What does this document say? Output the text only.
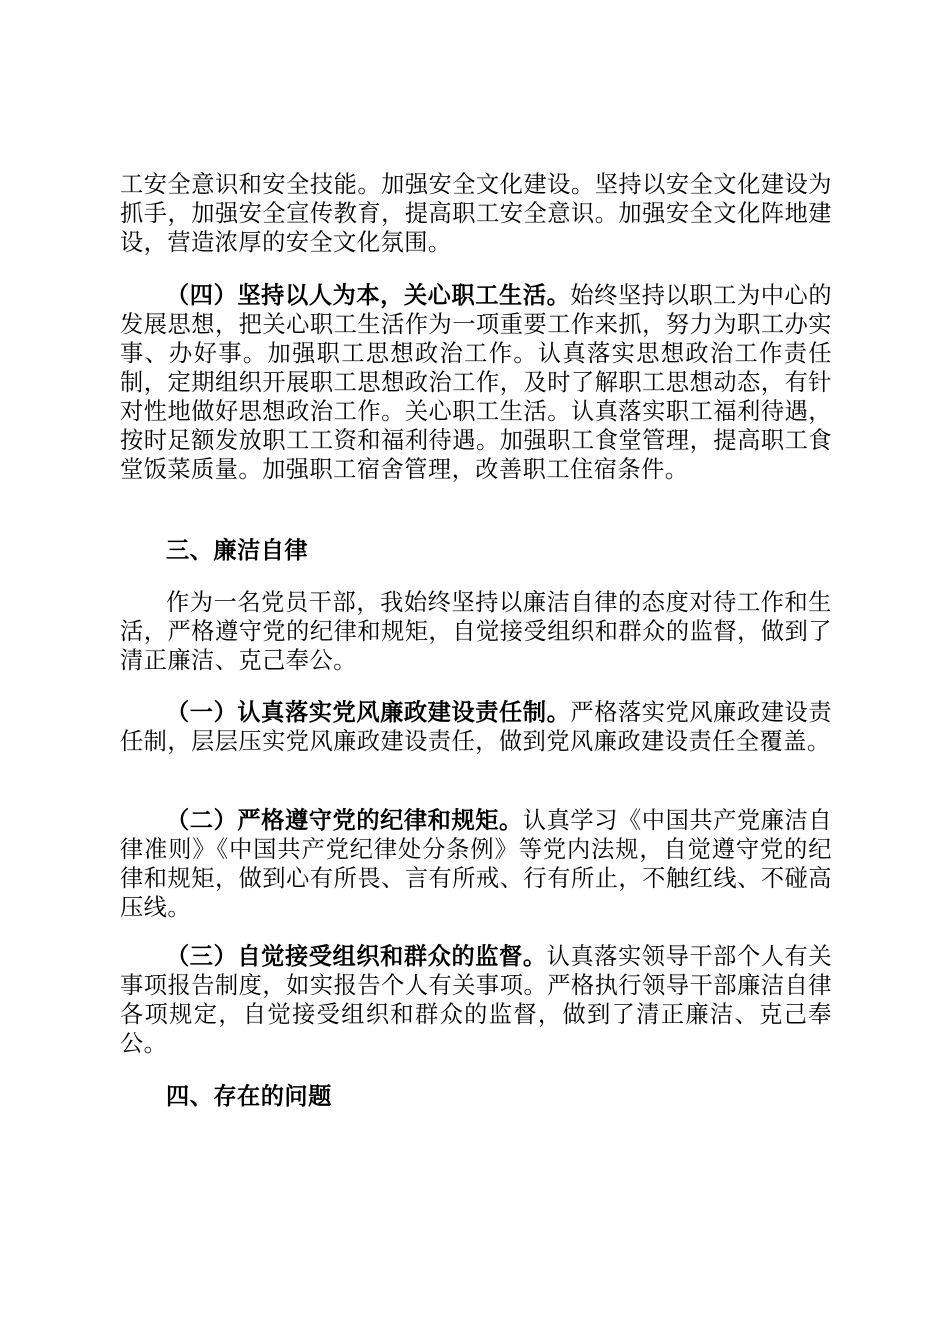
工安全意识和安全技能。加强安全文化建设。坚持以安全文化建设为抓手，加强安全宣传教育，提高职工安全意识。加强安全文化阵地建设，营造浓厚的安全文化氛围。

（四）坚持以人为本，关心职工生活。始终坚持以职工为中心的发展思想，把关心职工生活作为一项重要工作来抓，努力为职工办实事、办好事。加强职工思想政治工作。认真落实思想政治工作责任制，定期组织开展职工思想政治工作，及时了解职工思想动态，有针对性地做好思想政治工作。关心职工生活。认真落实职工福利待遇，按时足额发放职工工资和福利待遇。加强职工食堂管理，提高职工食堂饭菜质量。加强职工宿舍管理，改善职工住宿条件。

三、廉洁自律

作为一名党员干部，我始终坚持以廉洁自律的态度对待工作和生活，严格遵守党的纪律和规矩，自觉接受组织和群众的监督，做到了清正廉洁、克己奉公。

（一）认真落实党风廉政建设责任制。严格落实党风廉政建设责任制，层层压实党风廉政建设责任，做到党风廉政建设责任全覆盖。

（二）严格遵守党的纪律和规矩。认真学习《中国共产党廉洁自律准则》《中国共产党纪律处分条例》等党内法规，自觉遵守党的纪律和规矩，做到心有所畏、言有所戒、行有所止，不触红线、不碰高压线。

（三）自觉接受组织和群众的监督。认真落实领导干部个人有关事项报告制度，如实报告个人有关事项。严格执行领导干部廉洁自律各项规定，自觉接受组织和群众的监督，做到了清正廉洁、克己奉公。

四、存在的问题
